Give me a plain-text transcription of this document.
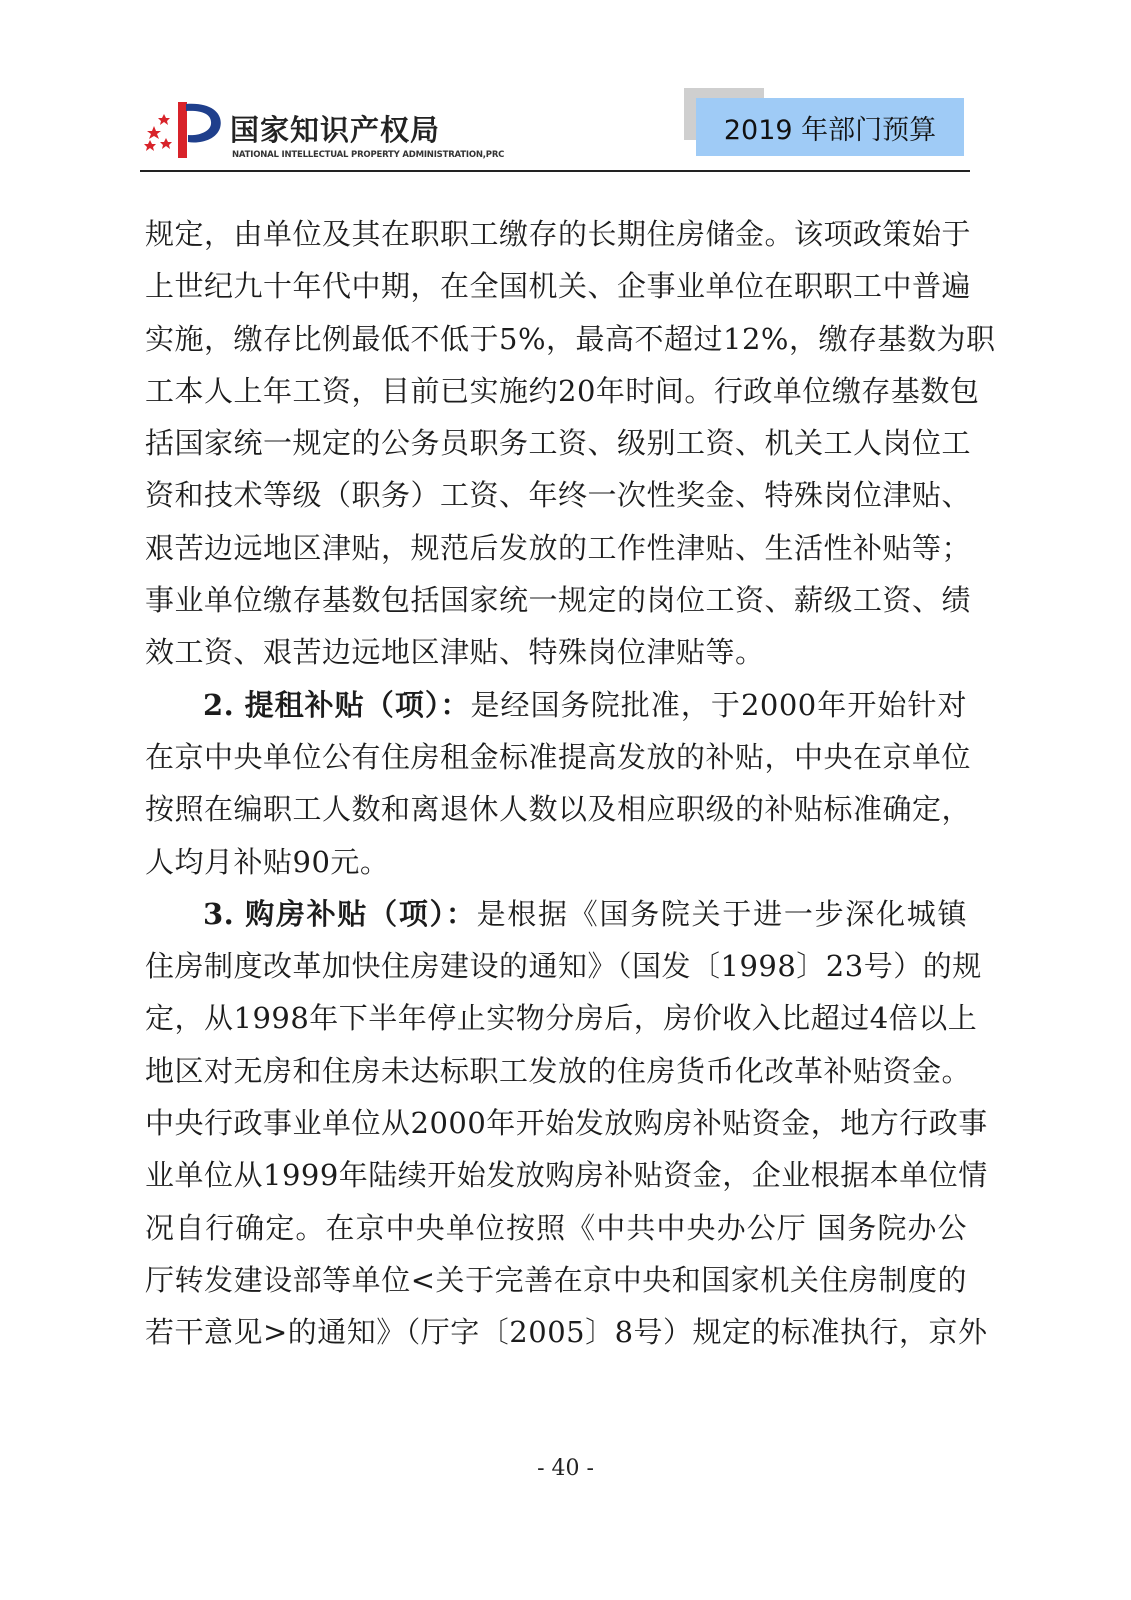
国家知识产权局
NATIONAL INTELLECTUAL PROPERTY ADMINISTRATION,PRC
2019 年部门预算
规定，由单位及其在职职工缴存的长期住房储金。该项政策始于
上世纪九十年代中期，在全国机关、企事业单位在职职工中普遍
实施，缴存比例最低不低于5%，最高不超过12%，缴存基数为职
工本人上年工资，目前已实施约20年时间。行政单位缴存基数包
括国家统一规定的公务员职务工资、级别工资、机关工人岗位工
资和技术等级（职务）工资、年终一次性奖金、特殊岗位津贴、
艰苦边远地区津贴，规范后发放的工作性津贴、生活性补贴等；
事业单位缴存基数包括国家统一规定的岗位工资、薪级工资、绩
效工资、艰苦边远地区津贴、特殊岗位津贴等。
2. 提租补贴（项）：是经国务院批准，于2000年开始针对
在京中央单位公有住房租金标准提高发放的补贴，中央在京单位
按照在编职工人数和离退休人数以及相应职级的补贴标准确定，
人均月补贴90元。
3. 购房补贴（项）：是根据《国务院关于进一步深化城镇
住房制度改革加快住房建设的通知》（国发〔1998〕23号）的规
定，从1998年下半年停止实物分房后，房价收入比超过4倍以上
地区对无房和住房未达标职工发放的住房货币化改革补贴资金。
中央行政事业单位从2000年开始发放购房补贴资金，地方行政事
业单位从1999年陆续开始发放购房补贴资金，企业根据本单位情
况自行确定。在京中央单位按照《中共中央办公厅 国务院办公
厅转发建设部等单位<关于完善在京中央和国家机关住房制度的
若干意见>的通知》（厅字〔2005〕8号）规定的标准执行，京外
- 40 -
